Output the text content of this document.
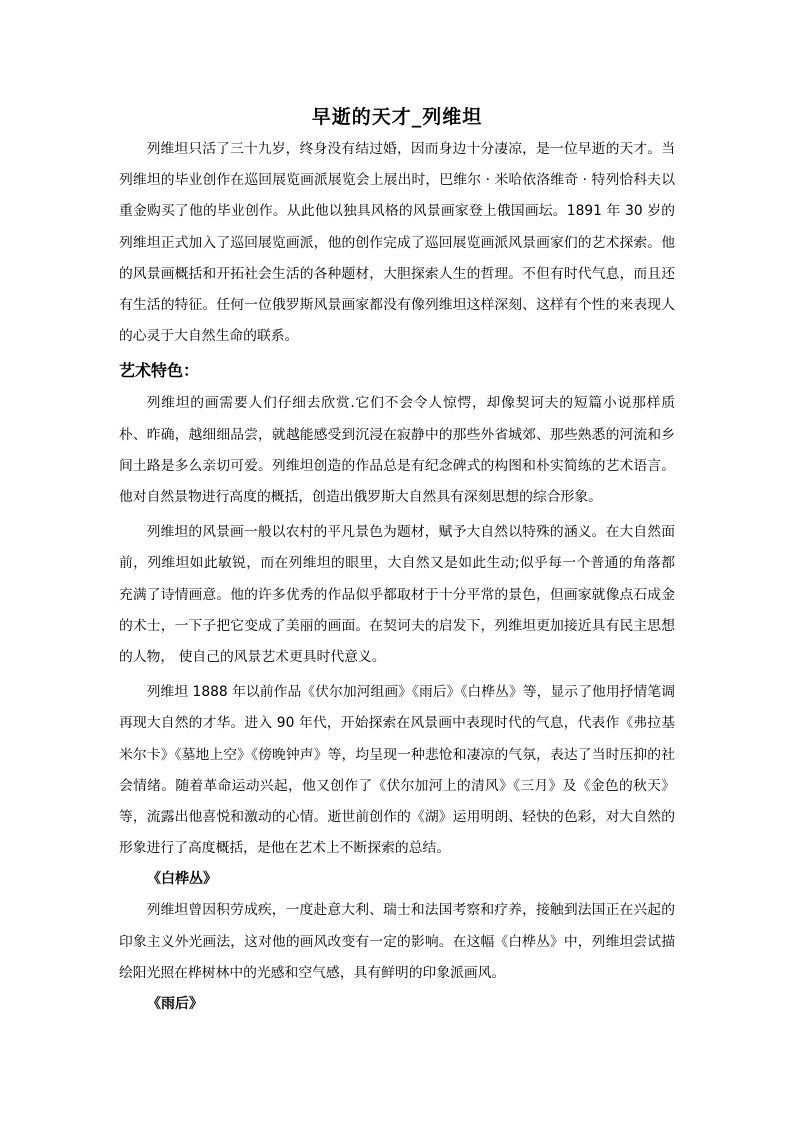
早逝的天才_列维坦

列维坦只活了三十九岁，终身没有结过婚，因而身边十分凄凉，是一位早逝的天才。当列维坦的毕业创作在巡回展览画派展览会上展出时，巴维尔 · 米哈依洛维奇 · 特列恰科夫以重金购买了他的毕业创作。从此他以独具风格的风景画家登上俄国画坛。1891 年 30 岁的列维坦正式加入了巡回展览画派，他的创作完成了巡回展览画派风景画家们的艺术探索。他的风景画概括和开拓社会生活的各种题材，大胆探索人生的哲理。不但有时代气息，而且还有生活的特征。任何一位俄罗斯风景画家都没有像列维坦这样深刻、这样有个性的来表现人的心灵于大自然生命的联系。

艺术特色：

列维坦的画需要人们仔细去欣赏.它们不会令人惊愕，却像契诃夫的短篇小说那样质朴、昨确，越细细品尝，就越能感受到沉浸在寂静中的那些外省城郊、那些熟悉的河流和乡间土路是多么亲切可爱。列维坦创造的作品总是有纪念碑式的构图和朴实简练的艺术语言。他对自然景物进行高度的概括，创造出俄罗斯大自然具有深刻思想的综合形象。

列维坦的风景画一般以农村的平凡景色为题材，赋予大自然以特殊的涵义。在大自然面前，列维坦如此敏锐，而在列维坦的眼里，大自然又是如此生动;似乎每一个普通的角落都充满了诗情画意。他的许多优秀的作品似乎都取材于十分平常的景色，但画家就像点石成金的术士，一下子把它变成了美丽的画面。在契诃夫的启发下，列维坦更加接近具有民主思想的人物， 使自己的风景艺术更具时代意义。

列维坦 1888 年以前作品《伏尔加河组画》《雨后》《白桦丛》等，显示了他用抒情笔调再现大自然的才华。进入 90 年代，开始探索在风景画中表现时代的气息，代表作《弗拉基米尔卡》《墓地上空》《傍晚钟声》等，均呈现一种悲怆和凄凉的气氛，表达了当时压抑的社会情绪。随着革命运动兴起，他又创作了《伏尔加河上的清风》《三月》及《金色的秋天》等，流露出他喜悦和激动的心情。逝世前创作的《湖》运用明朗、轻快的色彩，对大自然的形象进行了高度概括，是他在艺术上不断探索的总结。

《白桦丛》

列维坦曾因积劳成疾，一度赴意大利、瑞士和法国考察和疗养，接触到法国正在兴起的印象主义外光画法，这对他的画风改变有一定的影响。在这幅《白桦丛》中，列维坦尝试描绘阳光照在桦树林中的光感和空气感，具有鲜明的印象派画风。

《雨后》
